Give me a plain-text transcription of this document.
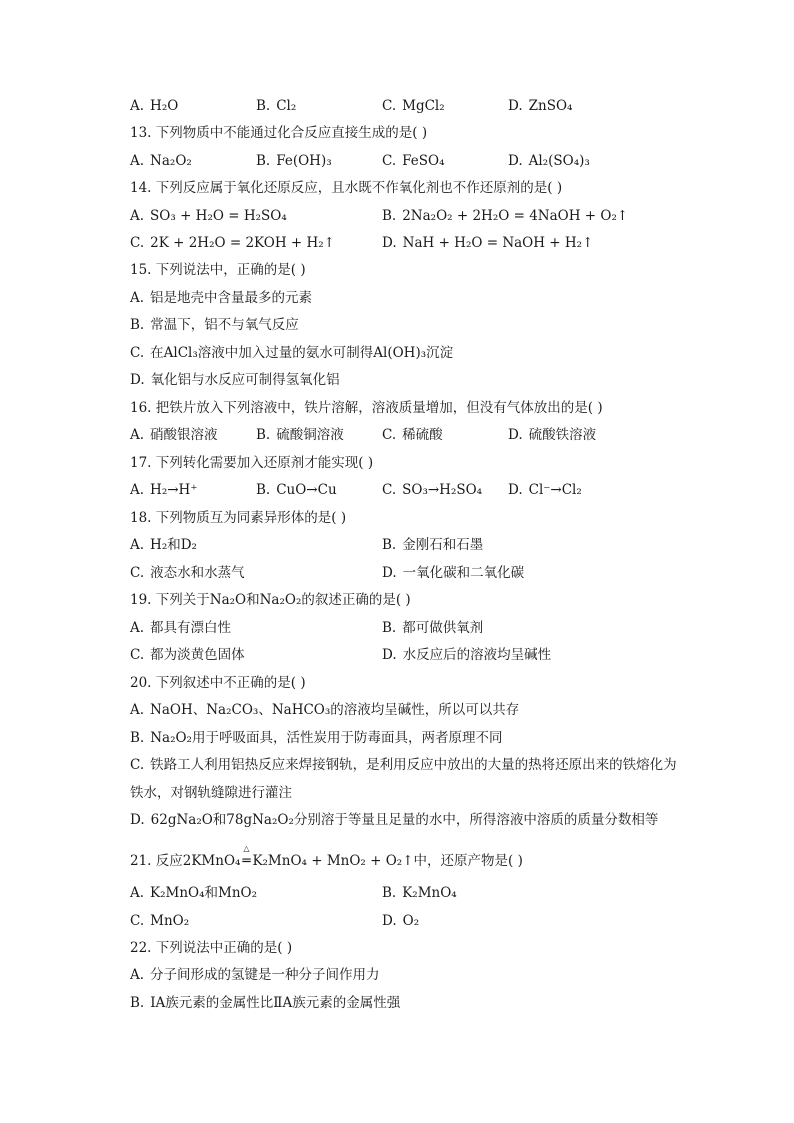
A. H₂O	B. Cl₂	C. MgCl₂	D. ZnSO₄
13. 下列物质中不能通过化合反应直接生成的是( )
A. Na₂O₂	B. Fe(OH)₃	C. FeSO₄	D. Al₂(SO₄)₃
14. 下列反应属于氧化还原反应，且水既不作氧化剂也不作还原剂的是( )
A. SO₃ + H₂O = H₂SO₄	B. 2Na₂O₂ + 2H₂O = 4NaOH + O₂↑
C. 2K + 2H₂O = 2KOH + H₂↑	D. NaH + H₂O = NaOH + H₂↑
15. 下列说法中，正确的是( )
A. 铝是地壳中含量最多的元素
B. 常温下，铝不与氧气反应
C. 在AlCl₃溶液中加入过量的氨水可制得Al(OH)₃沉淀
D. 氧化铝与水反应可制得氢氧化铝
16. 把铁片放入下列溶液中，铁片溶解，溶液质量增加，但没有气体放出的是( )
A. 硝酸银溶液	B. 硫酸铜溶液	C. 稀硫酸	D. 硫酸铁溶液
17. 下列转化需要加入还原剂才能实现( )
A. H₂→H⁺	B. CuO→Cu	C. SO₃→H₂SO₄ D. Cl⁻→Cl₂
18. 下列物质互为同素异形体的是( )
A. H₂和D₂	B. 金刚石和石墨
C. 液态水和水蒸气	D. 一氧化碳和二氧化碳
19. 下列关于Na₂O和Na₂O₂的叙述正确的是( )
A. 都具有漂白性	B. 都可做供氧剂
C. 都为淡黄色固体	D. 水反应后的溶液均呈碱性
20. 下列叙述中不正确的是( )
A. NaOH、Na₂CO₃、NaHCO₃的溶液均呈碱性，所以可以共存
B. Na₂O₂用于呼吸面具，活性炭用于防毒面具，两者原理不同
C. 铁路工人利用铝热反应来焊接钢轨，是利用反应中放出的大量的热将还原出来的铁熔化为
铁水，对钢轨缝隙进行灌注
D. 62gNa₂O和78gNa₂O₂分别溶于等量且足量的水中，所得溶液中溶质的质量分数相等
21. 反应2KMnO₄
△
═ K₂MnO₄ + MnO₂ + O₂↑中，还原产物是( )
A. K₂MnO₄和MnO₂	B. K₂MnO₄
C. MnO₂	D. O₂
22. 下列说法中正确的是( )
A. 分子间形成的氢键是一种分子间作用力
B. ⅠA族元素的金属性比ⅡA族元素的金属性强
